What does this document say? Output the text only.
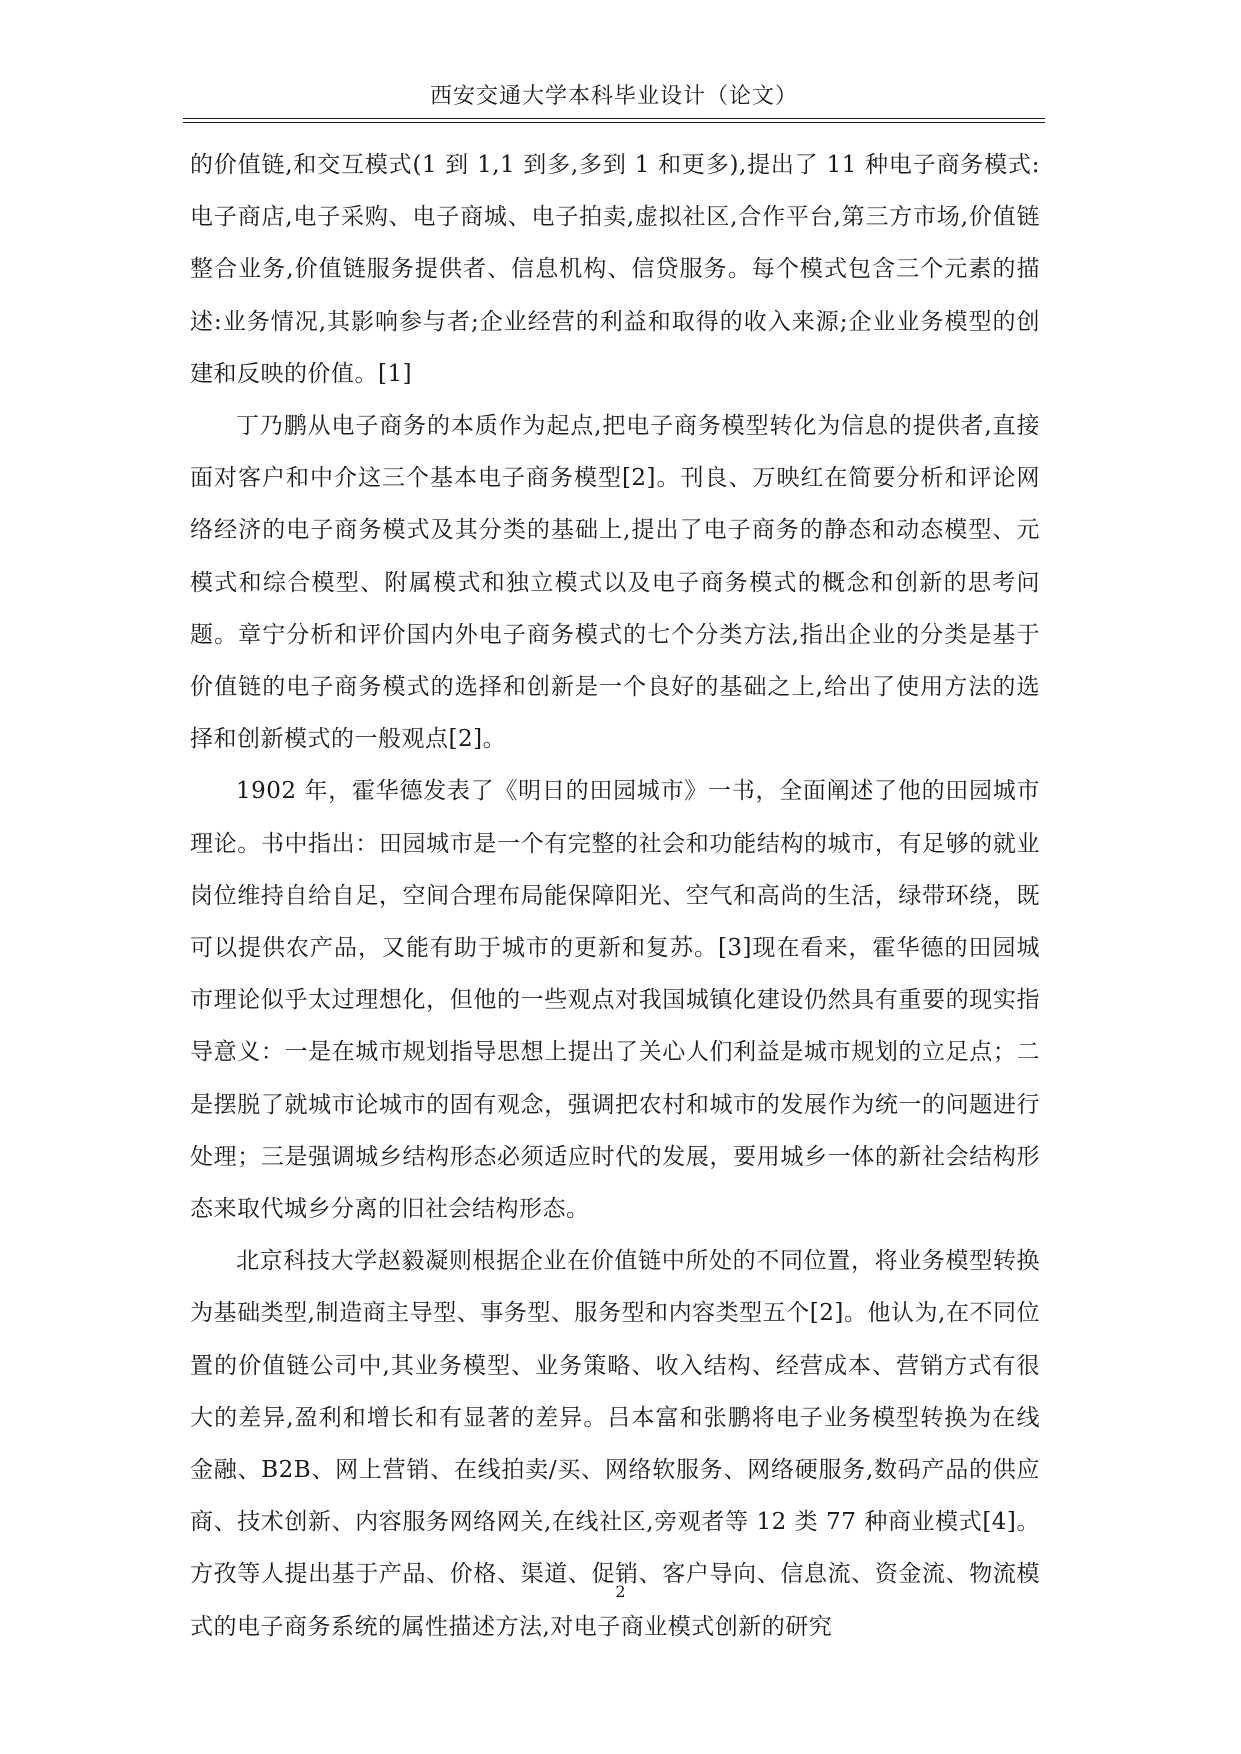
西安交通大学本科毕业设计（论文）

的价值链,和交互模式(1 到 1,1 到多,多到 1 和更多),提出了 11 种电子商务模式:电子商店,电子采购、电子商城、电子拍卖,虚拟社区,合作平台,第三方市场,价值链整合业务,价值链服务提供者、信息机构、信贷服务。每个模式包含三个元素的描述:业务情况,其影响参与者;企业经营的利益和取得的收入来源;企业业务模型的创建和反映的价值。[1]

丁乃鹏从电子商务的本质作为起点,把电子商务模型转化为信息的提供者,直接面对客户和中介这三个基本电子商务模型[2]。刊良、万映红在简要分析和评论网络经济的电子商务模式及其分类的基础上,提出了电子商务的静态和动态模型、元模式和综合模型、附属模式和独立模式以及电子商务模式的概念和创新的思考问题。章宁分析和评价国内外电子商务模式的七个分类方法,指出企业的分类是基于价值链的电子商务模式的选择和创新是一个良好的基础之上,给出了使用方法的选择和创新模式的一般观点[2]。

1902 年，霍华德发表了《明日的田园城市》一书，全面阐述了他的田园城市理论。书中指出：田园城市是一个有完整的社会和功能结构的城市，有足够的就业岗位维持自给自足，空间合理布局能保障阳光、空气和高尚的生活，绿带环绕，既可以提供农产品，又能有助于城市的更新和复苏。[3]现在看来，霍华德的田园城市理论似乎太过理想化，但他的一些观点对我国城镇化建设仍然具有重要的现实指导意义：一是在城市规划指导思想上提出了关心人们利益是城市规划的立足点；二是摆脱了就城市论城市的固有观念，强调把农村和城市的发展作为统一的问题进行处理；三是强调城乡结构形态必须适应时代的发展，要用城乡一体的新社会结构形态来取代城乡分离的旧社会结构形态。

北京科技大学赵毅凝则根据企业在价值链中所处的不同位置，将业务模型转换为基础类型,制造商主导型、事务型、服务型和内容类型五个[2]。他认为,在不同位置的价值链公司中,其业务模型、业务策略、收入结构、经营成本、营销方式有很大的差异,盈利和增长和有显著的差异。吕本富和张鹏将电子业务模型转换为在线金融、B2B、网上营销、在线拍卖/买、网络软服务、网络硬服务,数码产品的供应商、技术创新、内容服务网络网关,在线社区,旁观者等 12 类 77 种商业模式[4]。方孜等人提出基于产品、价格、渠道、促销、客户导向、信息流、资金流、物流模式的电子商务系统的属性描述方法,对电子商业模式创新的研究

2
